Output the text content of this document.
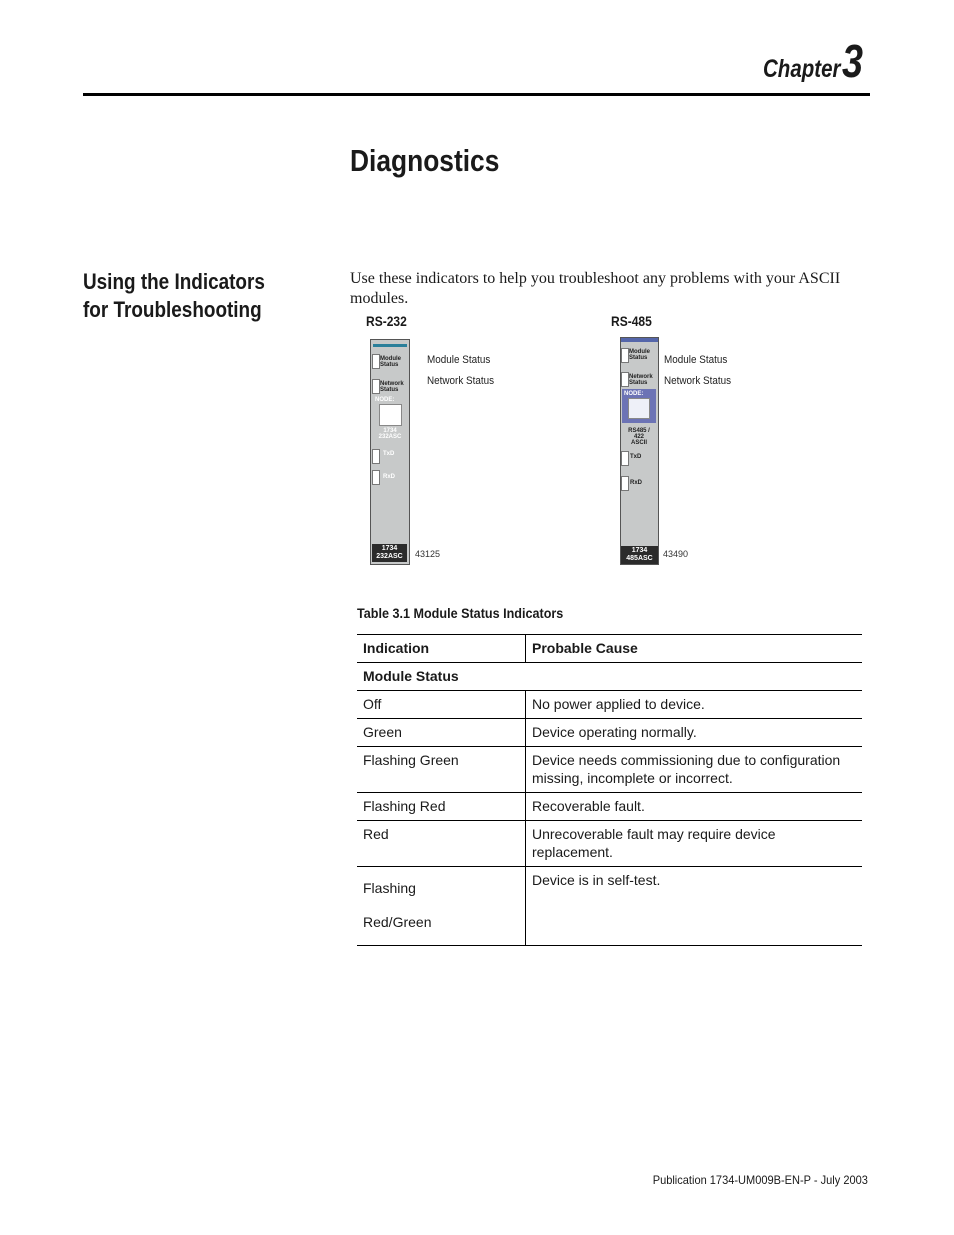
Chapter3
Diagnostics
Using the Indicators
for Troubleshooting
Use these indicators to help you troubleshoot any problems with your ASCII modules.
RS-232
Module Status
Network Status
NODE:
1734 232ASC
TxD
RxD
1734 232ASC
Module Status
Network Status
43125
RS-485
Module Status
Network Status
NODE:
RS485 / 422 ASCII
TxD
RxD
1734 485ASC
Module Status
Network Status
43490
Table 3.1 Module Status Indicators
Indication	Probable Cause
Module Status	
Off	No power applied to device.
Green	Device operating normally.
Flashing Green	Device needs commissioning due to configuration missing, incomplete or incorrect.
Flashing Red	Recoverable fault.
Red	Unrecoverable fault may require device replacement.

Flashing Red/Green	Device is in self-test.
Publication 1734-UM009B-EN-P - July 2003
